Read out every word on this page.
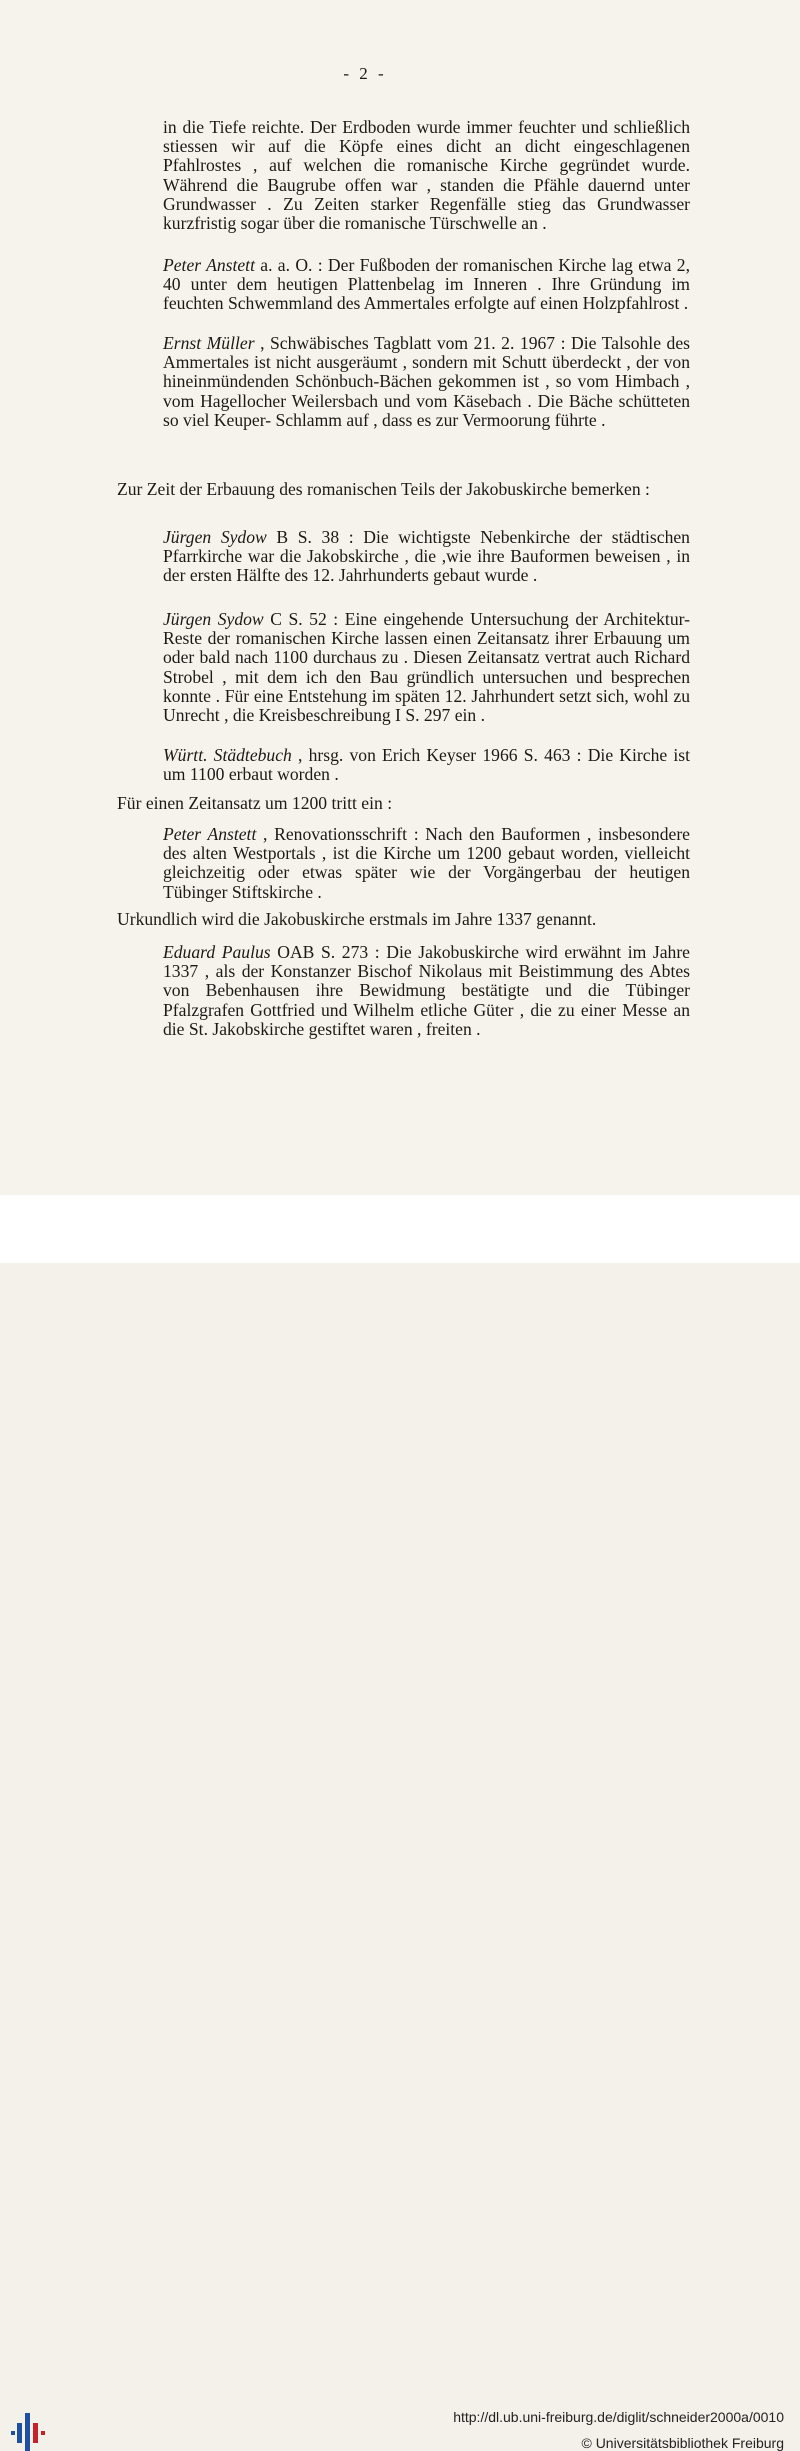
- 2 -
in die Tiefe reichte. Der Erdboden wurde immer feuchter und schließlich stiessen wir auf die Köpfe eines dicht an dicht eingeschlagenen Pfahlrostes , auf welchen die romanische Kirche gegründet wurde. Während die Baugrube offen war , standen die Pfähle dauernd unter Grundwasser . Zu Zeiten starker Regenfälle stieg das Grundwasser kurzfristig sogar über die romanische Türschwelle an .
Peter Anstett a. a. O. : Der Fußboden der romanischen Kirche lag etwa 2, 40 unter dem heutigen Plattenbelag im Inneren . Ihre Gründung im feuchten Schwemmland des Ammertales erfolgte auf einen Holzpfahlrost .
Ernst Müller , Schwäbisches Tagblatt vom 21. 2. 1967 : Die Talsohle des Ammertales ist nicht ausgeräumt , sondern mit Schutt überdeckt , der von hineinmündenden Schönbuch-Bächen gekommen ist , so vom Himbach , vom Hagellocher Weilersbach und vom Käsebach . Die Bäche schütteten so viel Keuper- Schlamm auf , dass es zur Vermoorung führte .
Zur Zeit der Erbauung des romanischen Teils der Jakobuskirche bemerken :
Jürgen Sydow B S. 38 : Die wichtigste Nebenkirche der städtischen Pfarrkirche war die Jakobskirche , die ,wie ihre Bauformen beweisen , in der ersten Hälfte des 12. Jahrhunderts gebaut wurde .
Jürgen Sydow C S. 52 : Eine eingehende Untersuchung der Architektur-Reste der romanischen Kirche lassen einen Zeitansatz ihrer Erbauung um oder bald nach 1100 durchaus zu . Diesen Zeitansatz vertrat auch Richard Strobel , mit dem ich den Bau gründlich untersuchen und besprechen konnte . Für eine Entstehung im späten 12. Jahrhundert setzt sich, wohl zu Unrecht , die Kreisbeschreibung I S. 297 ein .
Württ. Städtebuch , hrsg. von Erich Keyser 1966 S. 463 : Die Kirche ist um 1100 erbaut worden .
Für einen Zeitansatz um 1200 tritt ein :
Peter Anstett , Renovationsschrift : Nach den Bauformen , insbesondere des alten Westportals , ist die Kirche um 1200 gebaut worden, vielleicht gleichzeitig oder etwas später wie der Vorgängerbau der heutigen Tübinger Stiftskirche .
Urkundlich wird die Jakobuskirche erstmals im Jahre 1337 genannt.
Eduard Paulus OAB S. 273 : Die Jakobuskirche wird erwähnt im Jahre 1337 , als der Konstanzer Bischof Nikolaus mit Beistimmung des Abtes von Bebenhausen ihre Bewidmung bestätigte und die Tübinger Pfalzgrafen Gottfried und Wilhelm etliche Güter , die zu einer Messe an die St. Jakobskirche gestiftet waren , freiten .
http://dl.ub.uni-freiburg.de/diglit/schneider2000a/0010
© Universitätsbibliothek Freiburg
